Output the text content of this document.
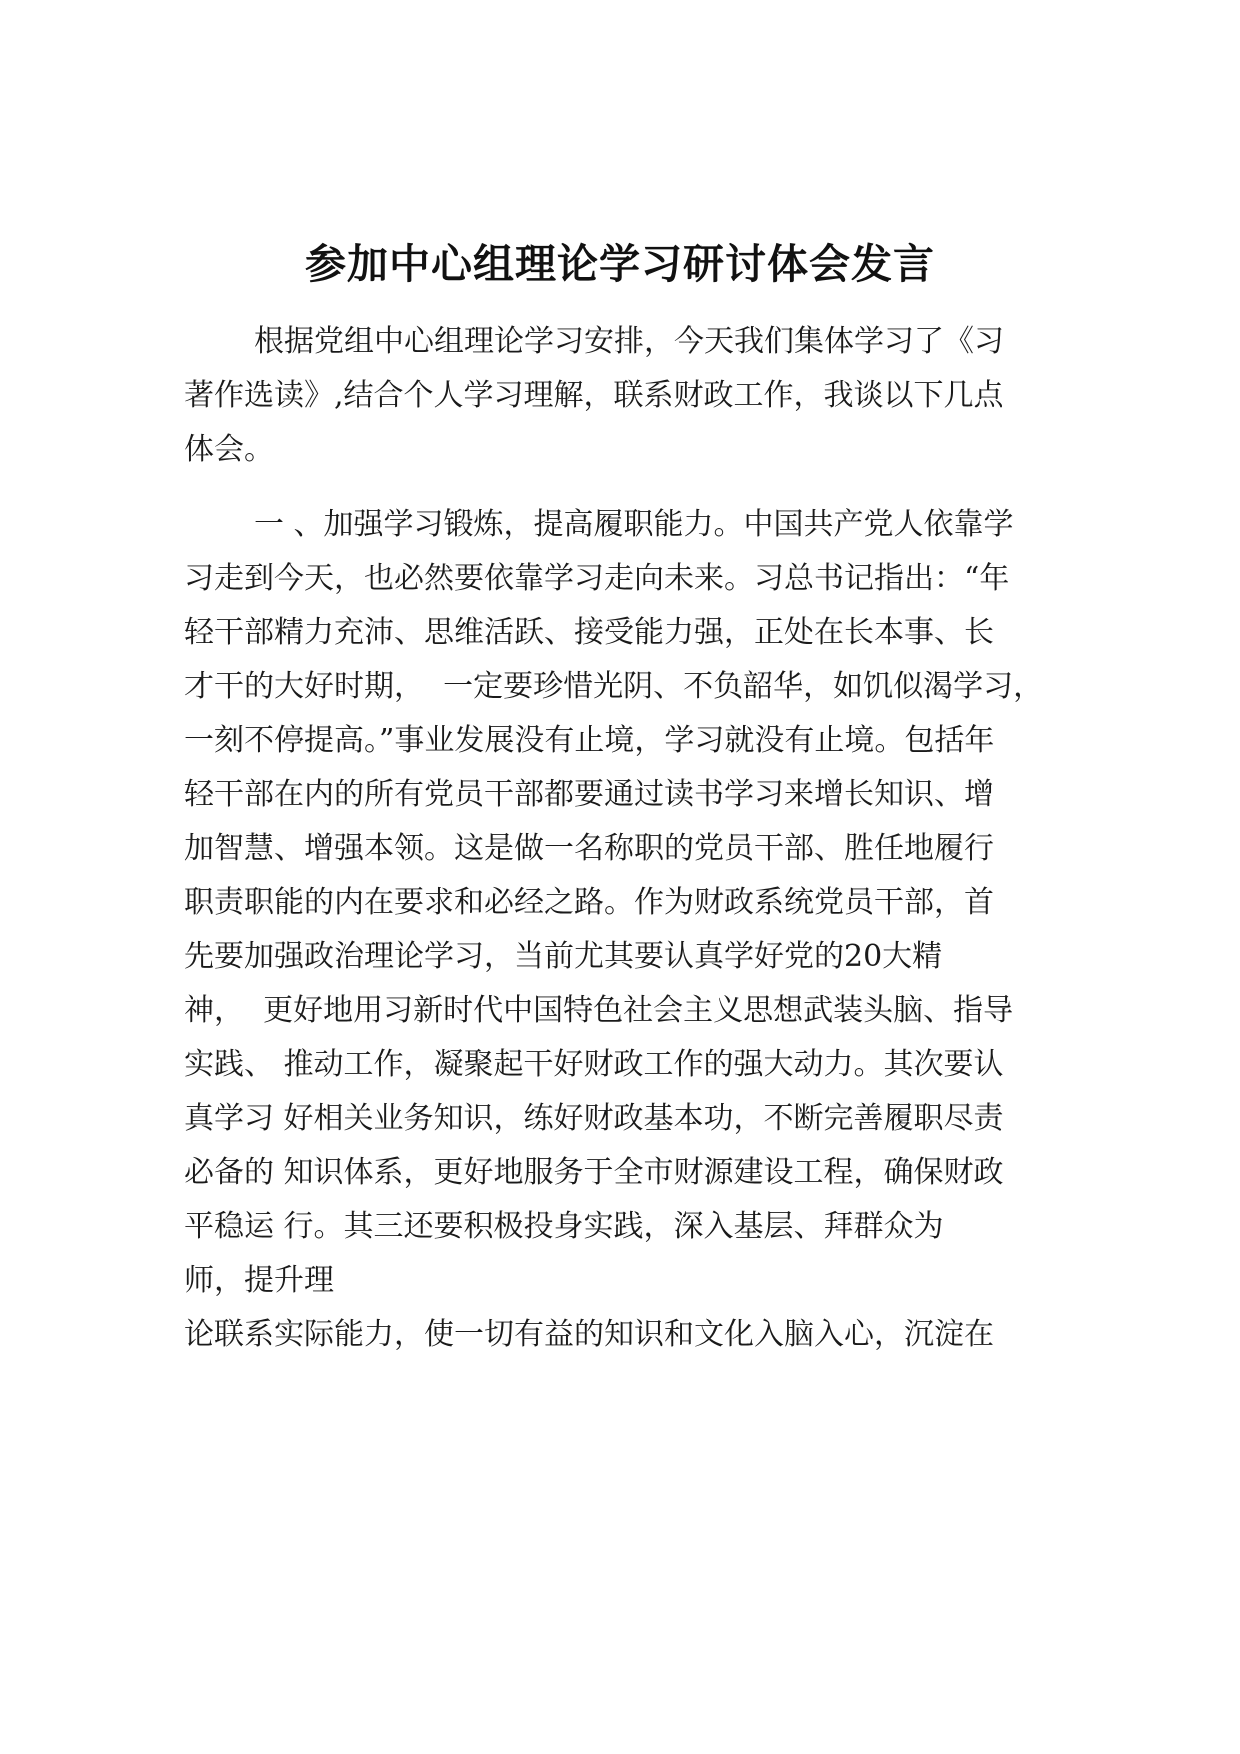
参加中心组理论学习研讨体会发言

根据党组中心组理论学习安排，今天我们集体学习了《习

著作选读》,结合个人学习理解，联系财政工作，我谈以下几点

体会。

一 、加强学习锻炼，提高履职能力。中国共产党人依靠学

习走到今天，也必然要依靠学习走向未来。习总书记指出：“年

轻干部精力充沛、思维活跃、接受能力强，正处在长本事、长

才干的大好时期，  一定要珍惜光阴、不负韶华，如饥似渴学习，

一刻不停提高。”事业发展没有止境，学习就没有止境。包括年

轻干部在内的所有党员干部都要通过读书学习来增长知识、增

加智慧、增强本领。这是做一名称职的党员干部、胜任地履行

职责职能的内在要求和必经之路。作为财政系统党员干部，首

先要加强政治理论学习，当前尤其要认真学好党的20大精

神，  更好地用习新时代中国特色社会主义思想武装头脑、指导

实践、 推动工作，凝聚起干好财政工作的强大动力。其次要认

真学习 好相关业务知识，练好财政基本功，不断完善履职尽责

必备的 知识体系，更好地服务于全市财源建设工程，确保财政

平稳运 行。其三还要积极投身实践，深入基层、拜群众为

师，提升理

论联系实际能力，使一切有益的知识和文化入脑入心，沉淀在
